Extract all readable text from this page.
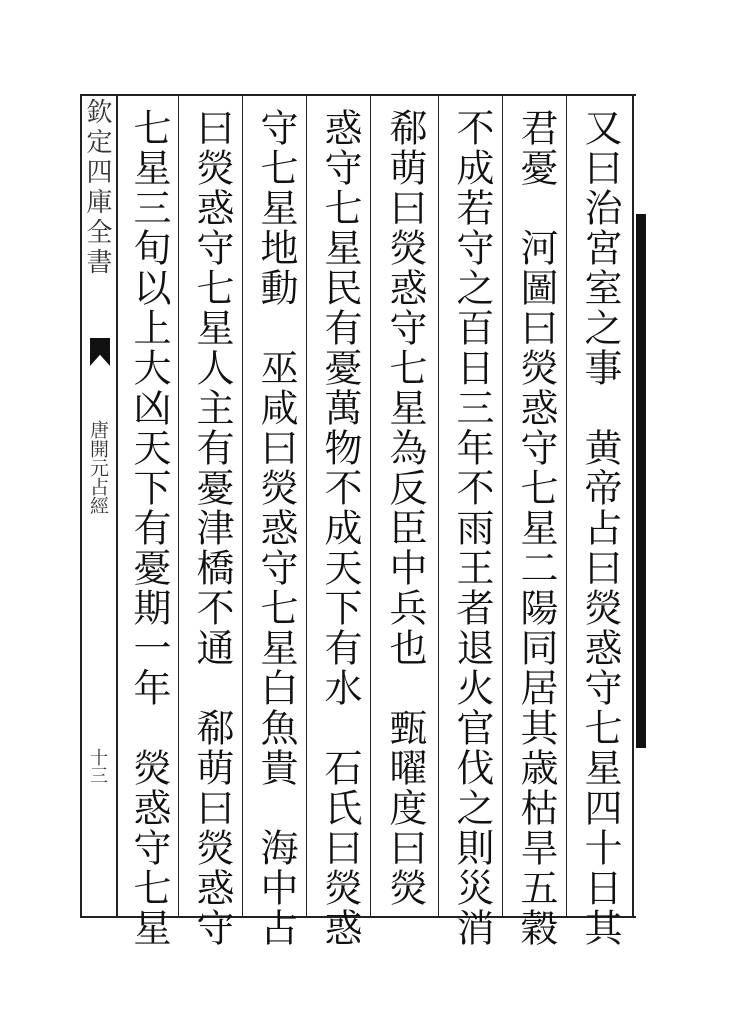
欽定四庫全書
唐開元占經
十三	又曰治宮室之事　黄帝占曰熒惑守七星四十日其
君憂　河圖曰熒惑守七星二陽同居其歳枯旱五穀
不成若守之百日三年不雨王者退火官伐之則災消
郗萌曰熒惑守七星為反臣中兵也　甄曜度曰熒
惑守七星民有憂萬物不成天下有水　石氏曰熒惑
守七星地動　巫咸曰熒惑守七星白魚貴　海中占
曰熒惑守七星人主有憂津橋不通　郗萌曰熒惑守
七星三旬以上大凶天下有憂期一年　熒惑守七星
